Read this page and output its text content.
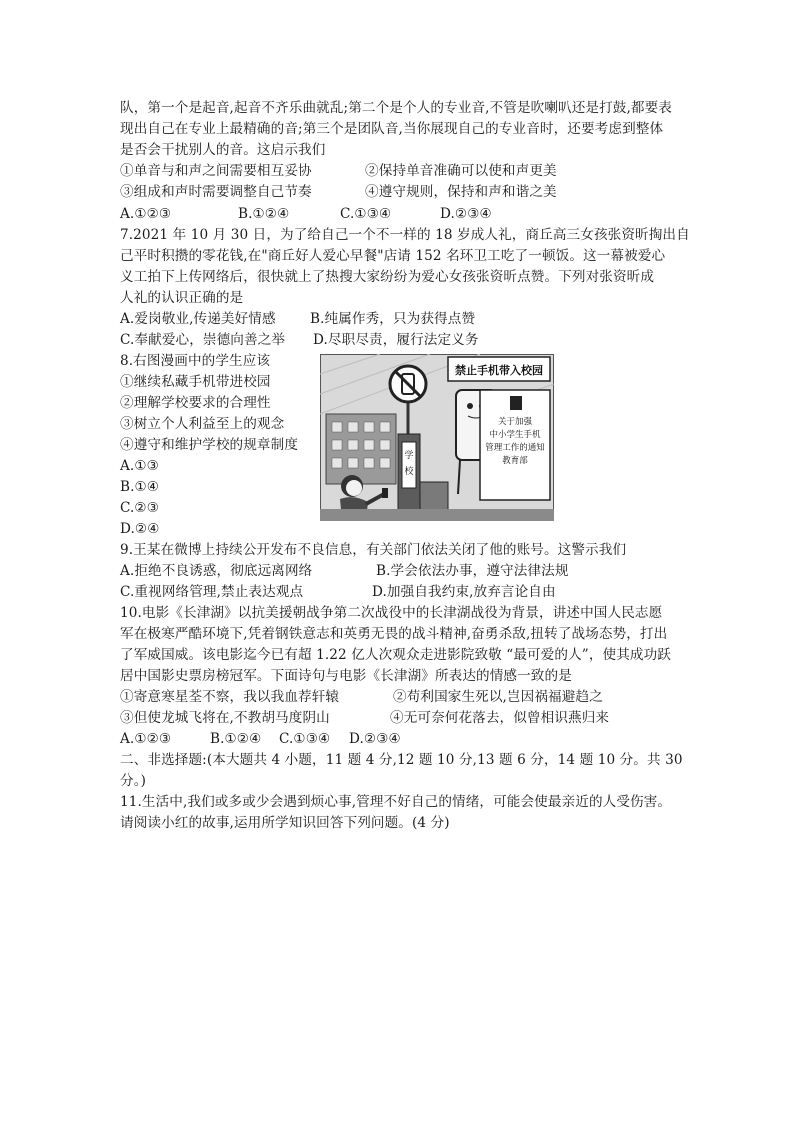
队，第一个是起音,起音不齐乐曲就乱;第二个是个人的专业音,不管是吹喇叭还是打鼓,都要表
现出自己在专业上最精确的音;第三个是团队音,当你展现自己的专业音时，还要考虑到整体
是否会干扰别人的音。这启示我们
①单音与和声之间需要相互妥协	②保持单音准确可以使和声更美
③组成和声时需要调整自己节奏	④遵守规则，保持和声和谐之美
A.①②③	B.①②④	C.①③④	D.②③④
7.2021 年 10 月 30 日，为了给自己一个不一样的 18 岁成人礼，商丘高三女孩张资昕掏出自
己平时积攒的零花钱,在"商丘好人爱心早餐"店请 152 名环卫工吃了一顿饭。这一幕被爱心
义工拍下上传网络后，很快就上了热搜大家纷纷为爱心女孩张资昕点赞。下列对张资昕成
人礼的认识正确的是
A.爱岗敬业,传递美好情感	B.纯属作秀，只为获得点赞
C.奉献爱心，崇德向善之举 D.尽职尽责，履行法定义务
8.右图漫画中的学生应该
①继续私藏手机带进校园
②理解学校要求的合理性
③树立个人利益至上的观念
④遵守和维护学校的规章制度
A.①③
B.①④
C.②③
D.②④
学
校
禁止手机带入校园
关于加强
中小学生手机
管理工作的通知
教育部
9.王某在微博上持续公开发布不良信息，有关部门依法关闭了他的账号。这警示我们
A.拒绝不良诱惑，彻底远离网络	B.学会依法办事，遵守法律法规
C.重视网络管理,禁止表达观点	D.加强自我约束,放弃言论自由
10.电影《长津湖》以抗美援朝战争第二次战役中的长津湖战役为背景，讲述中国人民志愿
军在极寒严酷环境下,凭着钢铁意志和英勇无畏的战斗精神,奋勇杀敌,扭转了战场态势，打出
了军威国威。该电影迄今已有超 1.22 亿人次观众走进影院致敬 “最可爱的人”，使其成功跃
居中国影史票房榜冠军。下面诗句与电影《长津湖》所表达的情感一致的是
①寄意寒星荃不察，我以我血荐轩辕	②苟利国家生死以,岂因祸福避趋之
③但使龙城飞将在,不教胡马度阴山	④无可奈何花落去，似曾相识燕归来
A.①②③	B.①②④ C.①③④ D.②③④
二、非选择题:(本大题共 4 小题，11 题 4 分,12 题 10 分,13 题 6 分，14 题 10 分。共 30
分。)
11.生活中,我们或多或少会遇到烦心事,管理不好自己的情绪，可能会使最亲近的人受伤害。
请阅读小红的故事,运用所学知识回答下列问题。(4 分)
